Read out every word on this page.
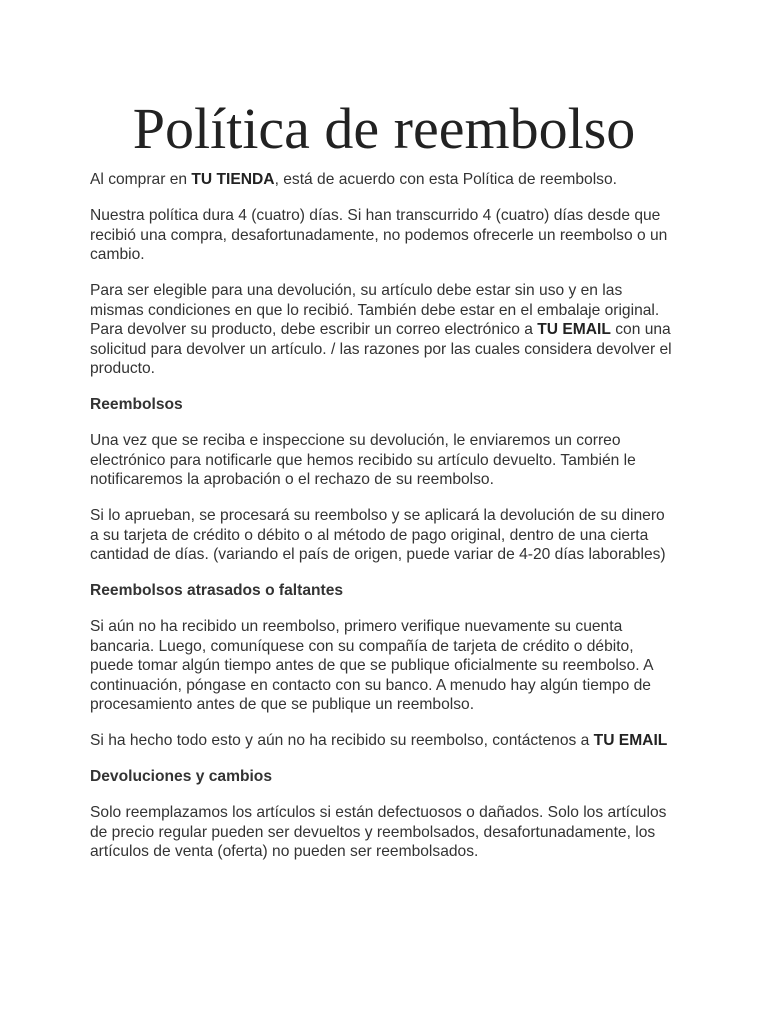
Política de reembolso

Al comprar en TU TIENDA, está de acuerdo con esta Política de reembolso.

Nuestra política dura 4 (cuatro) días. Si han transcurrido 4 (cuatro) días desde que recibió una compra, desafortunadamente, no podemos ofrecerle un reembolso o un cambio.

Para ser elegible para una devolución, su artículo debe estar sin uso y en las mismas condiciones en que lo recibió. También debe estar en el embalaje original. Para devolver su producto, debe escribir un correo electrónico a TU EMAIL con una solicitud para devolver un artículo. / las razones por las cuales considera devolver el producto.

Reembolsos

Una vez que se reciba e inspeccione su devolución, le enviaremos un correo electrónico para notificarle que hemos recibido su artículo devuelto. También le notificaremos la aprobación o el rechazo de su reembolso.

Si lo aprueban, se procesará su reembolso y se aplicará la devolución de su dinero a su tarjeta de crédito o débito o al método de pago original, dentro de una cierta cantidad de días. (variando el país de origen, puede variar de 4-20 días laborables)

Reembolsos atrasados o faltantes

Si aún no ha recibido un reembolso, primero verifique nuevamente su cuenta bancaria. Luego, comuníquese con su compañía de tarjeta de crédito o débito, puede tomar algún tiempo antes de que se publique oficialmente su reembolso. A continuación, póngase en contacto con su banco. A menudo hay algún tiempo de procesamiento antes de que se publique un reembolso.

Si ha hecho todo esto y aún no ha recibido su reembolso, contáctenos a TU EMAIL

Devoluciones y cambios

Solo reemplazamos los artículos si están defectuosos o dañados. Solo los artículos de precio regular pueden ser devueltos y reembolsados, desafortunadamente, los artículos de venta (oferta) no pueden ser reembolsados.
